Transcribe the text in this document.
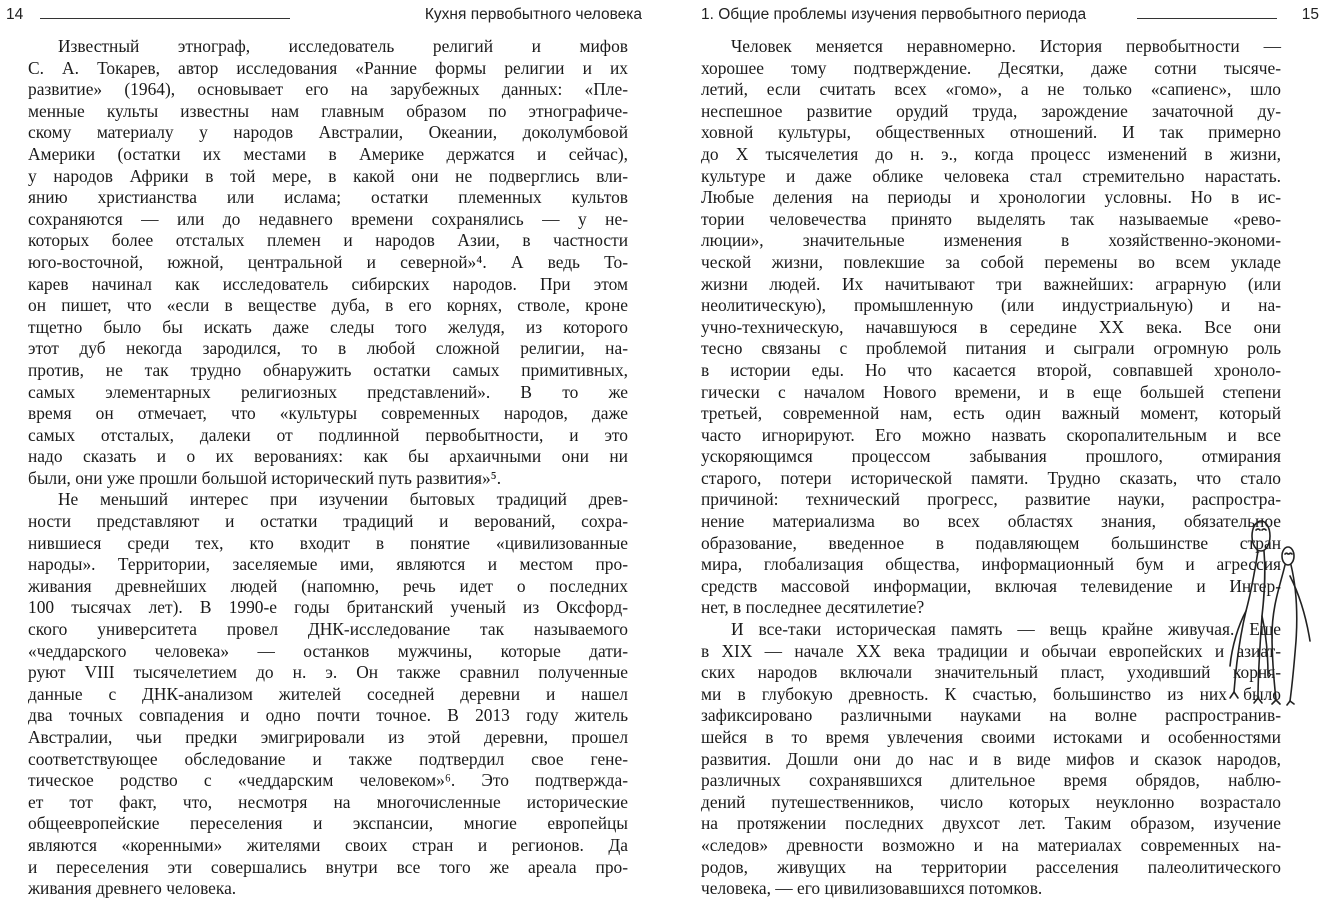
14	Кухня первобытного человека
Известный этнограф, исследователь религий и мифов
С. А. Токарев, автор исследования «Ранние формы религии и их
развитие» (1964), основывает его на зарубежных данных: «Пле-
менные культы известны нам главным образом по этнографиче-
скому материалу у народов Австралии, Океании, доколумбовой
Америки (остатки их местами в Америке держатся и сейчас),
у народов Африки в той мере, в какой они не подверглись вли-
янию христианства или ислама; остатки племенных культов
сохраняются — или до недавнего времени сохранялись — у не-
которых более отсталых племен и народов Азии, в частности
юго-восточной, южной, центральной и северной»⁴. А ведь То-
карев начинал как исследователь сибирских народов. При этом
он пишет, что «если в веществе дуба, в его корнях, стволе, кроне
тщетно было бы искать даже следы того желудя, из которого
этот дуб некогда зародился, то в любой сложной религии, на-
против, не так трудно обнаружить остатки самых примитивных,
самых элементарных религиозных представлений». В то же
время он отмечает, что «культуры современных народов, даже
самых отсталых, далеки от подлинной первобытности, и это
надо сказать и о их верованиях: как бы архаичными они ни
были, они уже прошли большой исторический путь развития»⁵.
Не меньший интерес при изучении бытовых традиций древ-
ности представляют и остатки традиций и верований, сохра-
нившиеся среди тех, кто входит в понятие «цивилизованные
народы». Территории, заселяемые ими, являются и местом про-
живания древнейших людей (напомню, речь идет о последних
100 тысячах лет). В 1990-е годы британский ученый из Оксфорд-
ского университета провел ДНК-исследование так называемого
«чеддарского человека» — останков мужчины, которые дати-
руют VIII тысячелетием до н. э. Он также сравнил полученные
данные с ДНК-анализом жителей соседней деревни и нашел
два точных совпадения и одно почти точное. В 2013 году житель
Австралии, чьи предки эмигрировали из этой деревни, прошел
соответствующее обследование и также подтвердил свое гене-
тическое родство с «чеддарским человеком»⁶. Это подтвержда-
ет тот факт, что, несмотря на многочисленные исторические
общеевропейские переселения и экспансии, многие европейцы
являются «коренными» жителями своих стран и регионов. Да
и переселения эти совершались внутри все того же ареала про-
живания древнего человека.
1. Общие проблемы изучения первобытного периода	15
Человек меняется неравномерно. История первобытности —
хорошее тому подтверждение. Десятки, даже сотни тысяче-
летий, если считать всех «гомо», а не только «сапиенс», шло
неспешное развитие орудий труда, зарождение зачаточной ду-
ховной культуры, общественных отношений. И так примерно
до X тысячелетия до н. э., когда процесс изменений в жизни,
культуре и даже облике человека стал стремительно нарастать.
Любые деления на периоды и хронологии условны. Но в ис-
тории человечества принято выделять так называемые «рево-
люции», значительные изменения в хозяйственно-экономи-
ческой жизни, повлекшие за собой перемены во всем укладе
жизни людей. Их начитывают три важнейших: аграрную (или
неолитическую), промышленную (или индустриальную) и на-
учно-техническую, начавшуюся в середине XX века. Все они
тесно связаны с проблемой питания и сыграли огромную роль
в истории еды. Но что касается второй, совпавшей хроноло-
гически с началом Нового времени, и в еще большей степени
третьей, современной нам, есть один важный момент, который
часто игнорируют. Его можно назвать скоропалительным и все
ускоряющимся процессом забывания прошлого, отмирания
старого, потери исторической памяти. Трудно сказать, что стало
причиной: технический прогресс, развитие науки, распростра-
нение материализма во всех областях знания, обязательное
образование, введенное в подавляющем большинстве стран
мира, глобализация общества, информационный бум и агрессия
средств массовой информации, включая телевидение и Интер-
нет, в последнее десятилетие?
И все-таки историческая память — вещь крайне живучая. Еще
в XIX — начале XX века традиции и обычаи европейских и азиат-
ских народов включали значительный пласт, уходивший корня-
ми в глубокую древность. К счастью, большинство из них было
зафиксировано различными науками на волне распространив-
шейся в то время увлечения своими истоками и особенностями
развития. Дошли они до нас и в виде мифов и сказок народов,
различных сохранявшихся длительное время обрядов, наблю-
дений путешественников, число которых неуклонно возрастало
на протяжении последних двухсот лет. Таким образом, изучение
«следов» древности возможно и на материалах современных на-
родов, живущих на территории расселения палеолитического
человека, — его цивилизовавшихся потомков.
